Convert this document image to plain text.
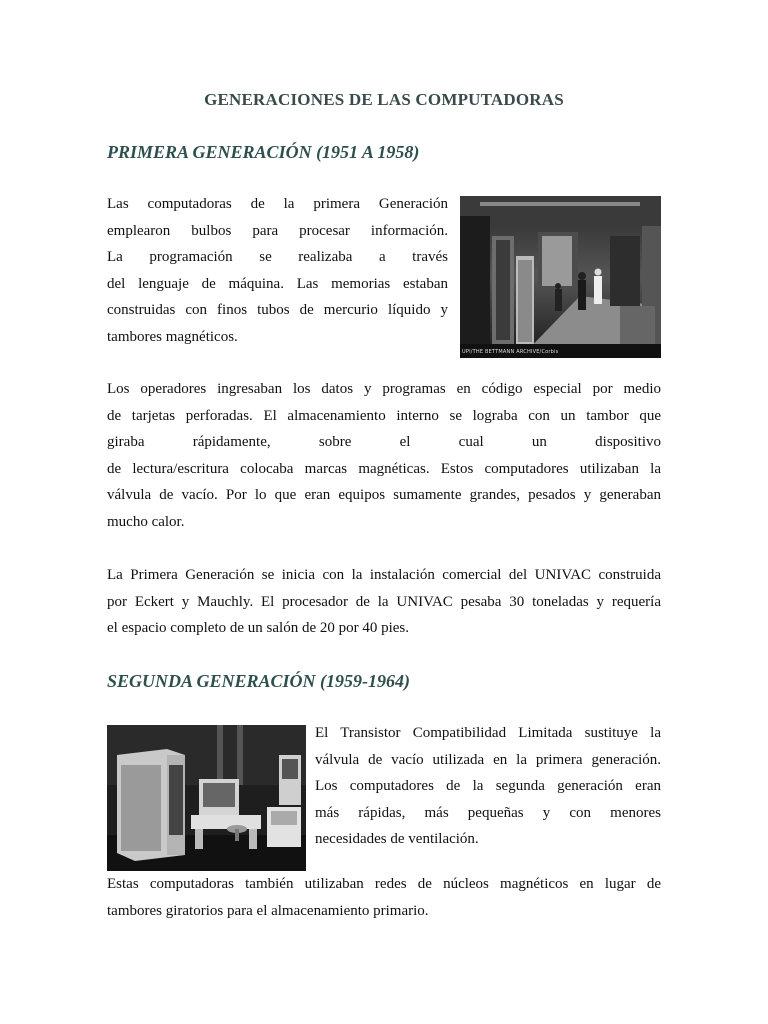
GENERACIONES DE LAS COMPUTADORAS
PRIMERA GENERACIÓN (1951 A 1958)
Las computadoras de la primera Generación
emplearon bulbos para procesar información.
La programación se realizaba a través
del lenguaje de máquina. Las memorias estaban
construidas con finos tubos de mercurio líquido y
tambores magnéticos.
UPI/THE BETTMANN ARCHIVE/Corbis
Los operadores ingresaban los datos y programas en código especial por medio
de tarjetas perforadas. El almacenamiento interno se lograba con un tambor que
giraba rápidamente, sobre el cual un dispositivo
de lectura/escritura colocaba marcas magnéticas. Estos computadores utilizaban la
válvula de vacío. Por lo que eran equipos sumamente grandes, pesados y generaban
mucho calor.
La Primera Generación se inicia con la instalación comercial del UNIVAC construida
por Eckert y Mauchly. El procesador de la UNIVAC pesaba 30 toneladas y requería
el espacio completo de un salón de 20 por 40 pies.
SEGUNDA GENERACIÓN (1959-1964)
El Transistor Compatibilidad Limitada sustituye la
válvula de vacío utilizada en la primera generación.
Los computadores de la segunda generación eran
más rápidas, más pequeñas y con menores
necesidades de ventilación.
Estas computadoras también utilizaban redes de núcleos magnéticos en lugar de
tambores giratorios para el almacenamiento primario.
